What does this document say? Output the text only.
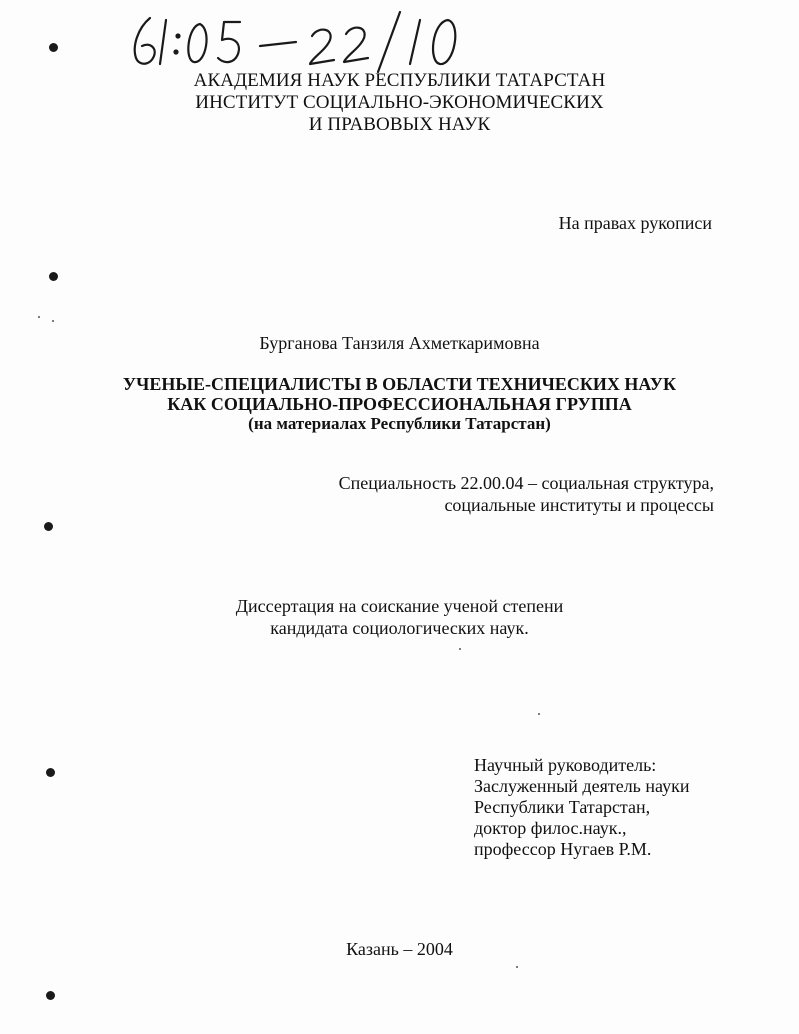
АКАДЕМИЯ НАУК РЕСПУБЛИКИ ТАТАРСТАН
ИНСТИТУТ СОЦИАЛЬНО-ЭКОНОМИЧЕСКИХ
И ПРАВОВЫХ НАУК
На правах рукописи
Бурганова Танзиля Ахметкаримовна
УЧЕНЫЕ-СПЕЦИАЛИСТЫ В ОБЛАСТИ ТЕХНИЧЕСКИХ НАУК
КАК СОЦИАЛЬНО-ПРОФЕССИОНАЛЬНАЯ ГРУППА
(на материалах Республики Татарстан)
Специальность 22.00.04 – социальная структура,
социальные институты и процессы
Диссертация на соискание ученой степени
кандидата социологических наук.
Научный руководитель:
Заслуженный деятель науки
Республики Татарстан,
доктор филос.наук.,
профессор Нугаев Р.М.
Казань – 2004
